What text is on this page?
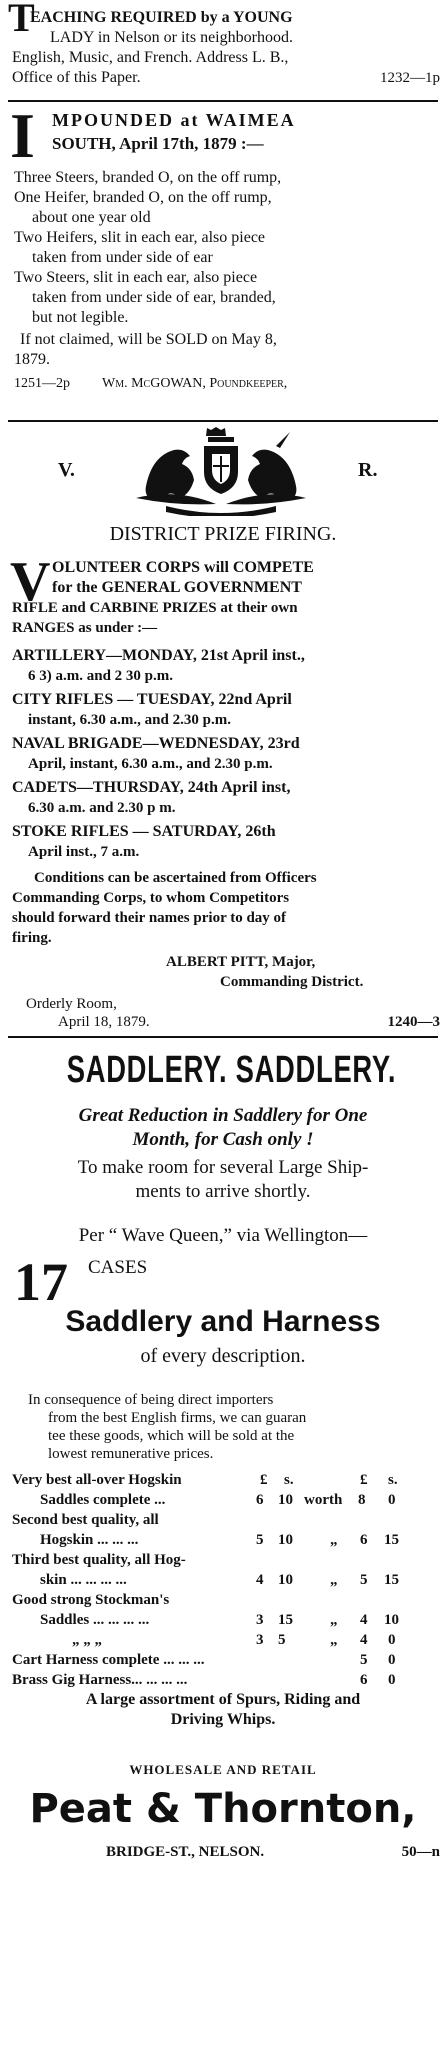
T
EACHING REQUIRED by a YOUNG
LADY in Nelson or its neighborhood.
English, Music, and French. Address L. B.,
Office of this Paper.	1232—1p
I MPOUNDED at WAIMEA
SOUTH, April 17th, 1879 :—
Three Steers, branded O, on the off rump,
One Heifer, branded O, on the off rump,
about one year old
Two Heifers, slit in each ear, also piece
taken from under side of ear
Two Steers, slit in each ear, also piece
taken from under side of ear, branded,
but not legible.
If not claimed, will be SOLD on May 8,
1879.
1251—2p Wm. McGOWAN, Poundkeeper,
V.	R.
DISTRICT PRIZE FIRING.
V OLUNTEER CORPS will COMPETE
for the GENERAL GOVERNMENT
RIFLE and CARBINE PRIZES at their own
RANGES as under :—
ARTILLERY—MONDAY, 21st April inst.,
6 3) a.m. and 2 30 p.m.
CITY RIFLES — TUESDAY, 22nd April
instant, 6.30 a.m., and 2.30 p.m.
NAVAL BRIGADE—WEDNESDAY, 23rd
April, instant, 6.30 a.m., and 2.30 p.m.
CADETS—THURSDAY, 24th April inst,
6.30 a.m. and 2.30 p m.
STOKE RIFLES — SATURDAY, 26th
April inst., 7 a.m.
Conditions can be ascertained from Officers
Commanding Corps, to whom Competitors
should forward their names prior to day of
firing.
ALBERT PITT, Major,
Commanding District.
Orderly Room,
April 18, 1879.	1240—3
SADDLERY. SADDLERY.
Great Reduction in Saddlery for One
Month, for Cash only !
To make room for several Large Ship-
ments to arrive shortly.
Per “ Wave Queen,” via Wellington—
17 CASES
Saddlery and Harness
of every description.
In consequence of being direct importers
from the best English firms, we can guaran
tee these goods, which will be sold at the
lowest remunerative prices.
Very best all-over Hogskin	£ s.	£ s.
Saddles complete ...	6 10 worth 8 0
Second best quality, all
Hogskin ... ... ...	5 10 „ 6 15
Third best quality, all Hog-
skin ... ... ... ...	4 10 „ 5 15
Good strong Stockman's
Saddles ... ... ... ...	3 15 „ 4 10
„ „ „	3 5	„ 4 0
Cart Harness complete ... ... ...	5 0
Brass Gig Harness... ... ... ...	6 0
A large assortment of Spurs, Riding and
Driving Whips.
WHOLESALE AND RETAIL
Peat & Thornton,
BRIDGE-ST., NELSON.	50—n
